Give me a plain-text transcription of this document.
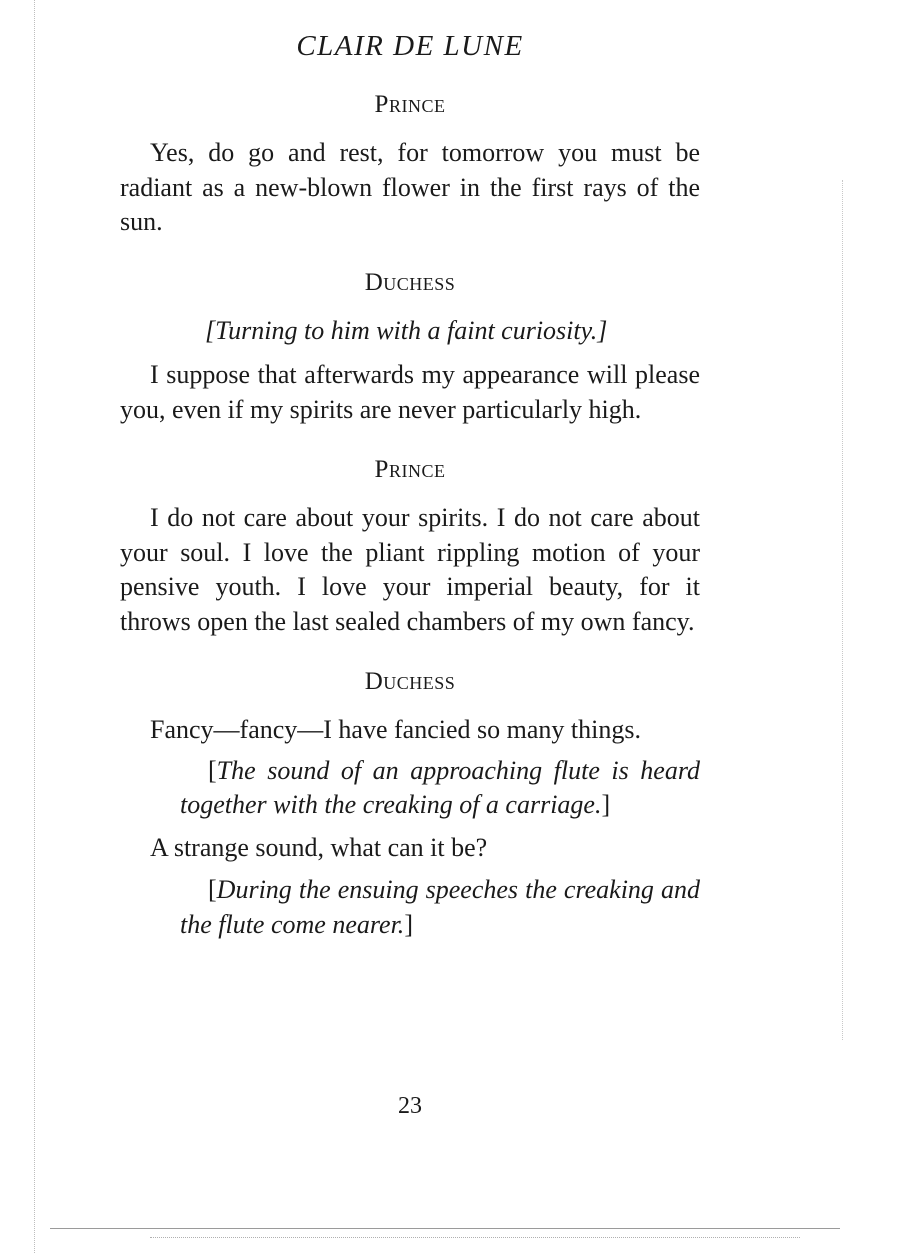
CLAIR DE LUNE
Prince

Yes, do go and rest, for tomorrow you must be radiant as a new-blown flower in the first rays of the sun.

Duchess

[Turning to him with a faint curiosity.]

I suppose that afterwards my appearance will please you, even if my spirits are never particularly high.

Prince

I do not care about your spirits. I do not care about your soul. I love the pliant rippling motion of your pensive youth. I love your imperial beauty, for it throws open the last sealed chambers of my own fancy.

Duchess

Fancy—fancy—I have fancied so many things.

[The sound of an approaching flute is heard together with the creaking of a carriage.]

A strange sound, what can it be?

[During the ensuing speeches the creaking and the flute come nearer.]

23
